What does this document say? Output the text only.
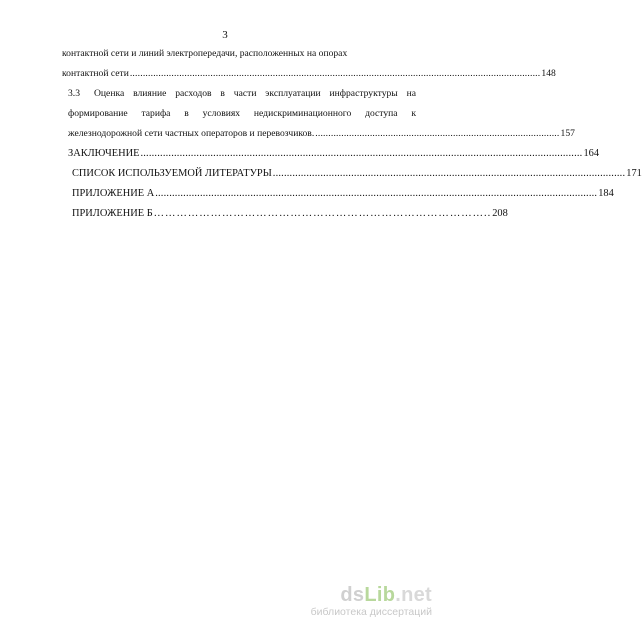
3
контактной сети и линий электропередачи, расположенных на опорах
контактной сети .............................................................................................................................................................. 148
3.3	Оценка влияние расходов в части эксплуатации инфраструктуры на
формирование тарифа в условиях недискриминационного доступа к
железнодорожной сети частных операторов и перевозчиков. .............................................................................................. 157
ЗАКЛЮЧЕНИЕ .............................................................................................................................................................. 164
СПИСОК ИСПОЛЬЗУЕМОЙ ЛИТЕРАТУРЫ .............................................................................................................................. 171
ПРИЛОЖЕНИЕ А .............................................................................................................................................................. 184
ПРИЛОЖЕНИЕ Б …………………………………………………………………………….. 208
dsLib.net
библиотека диссертаций
